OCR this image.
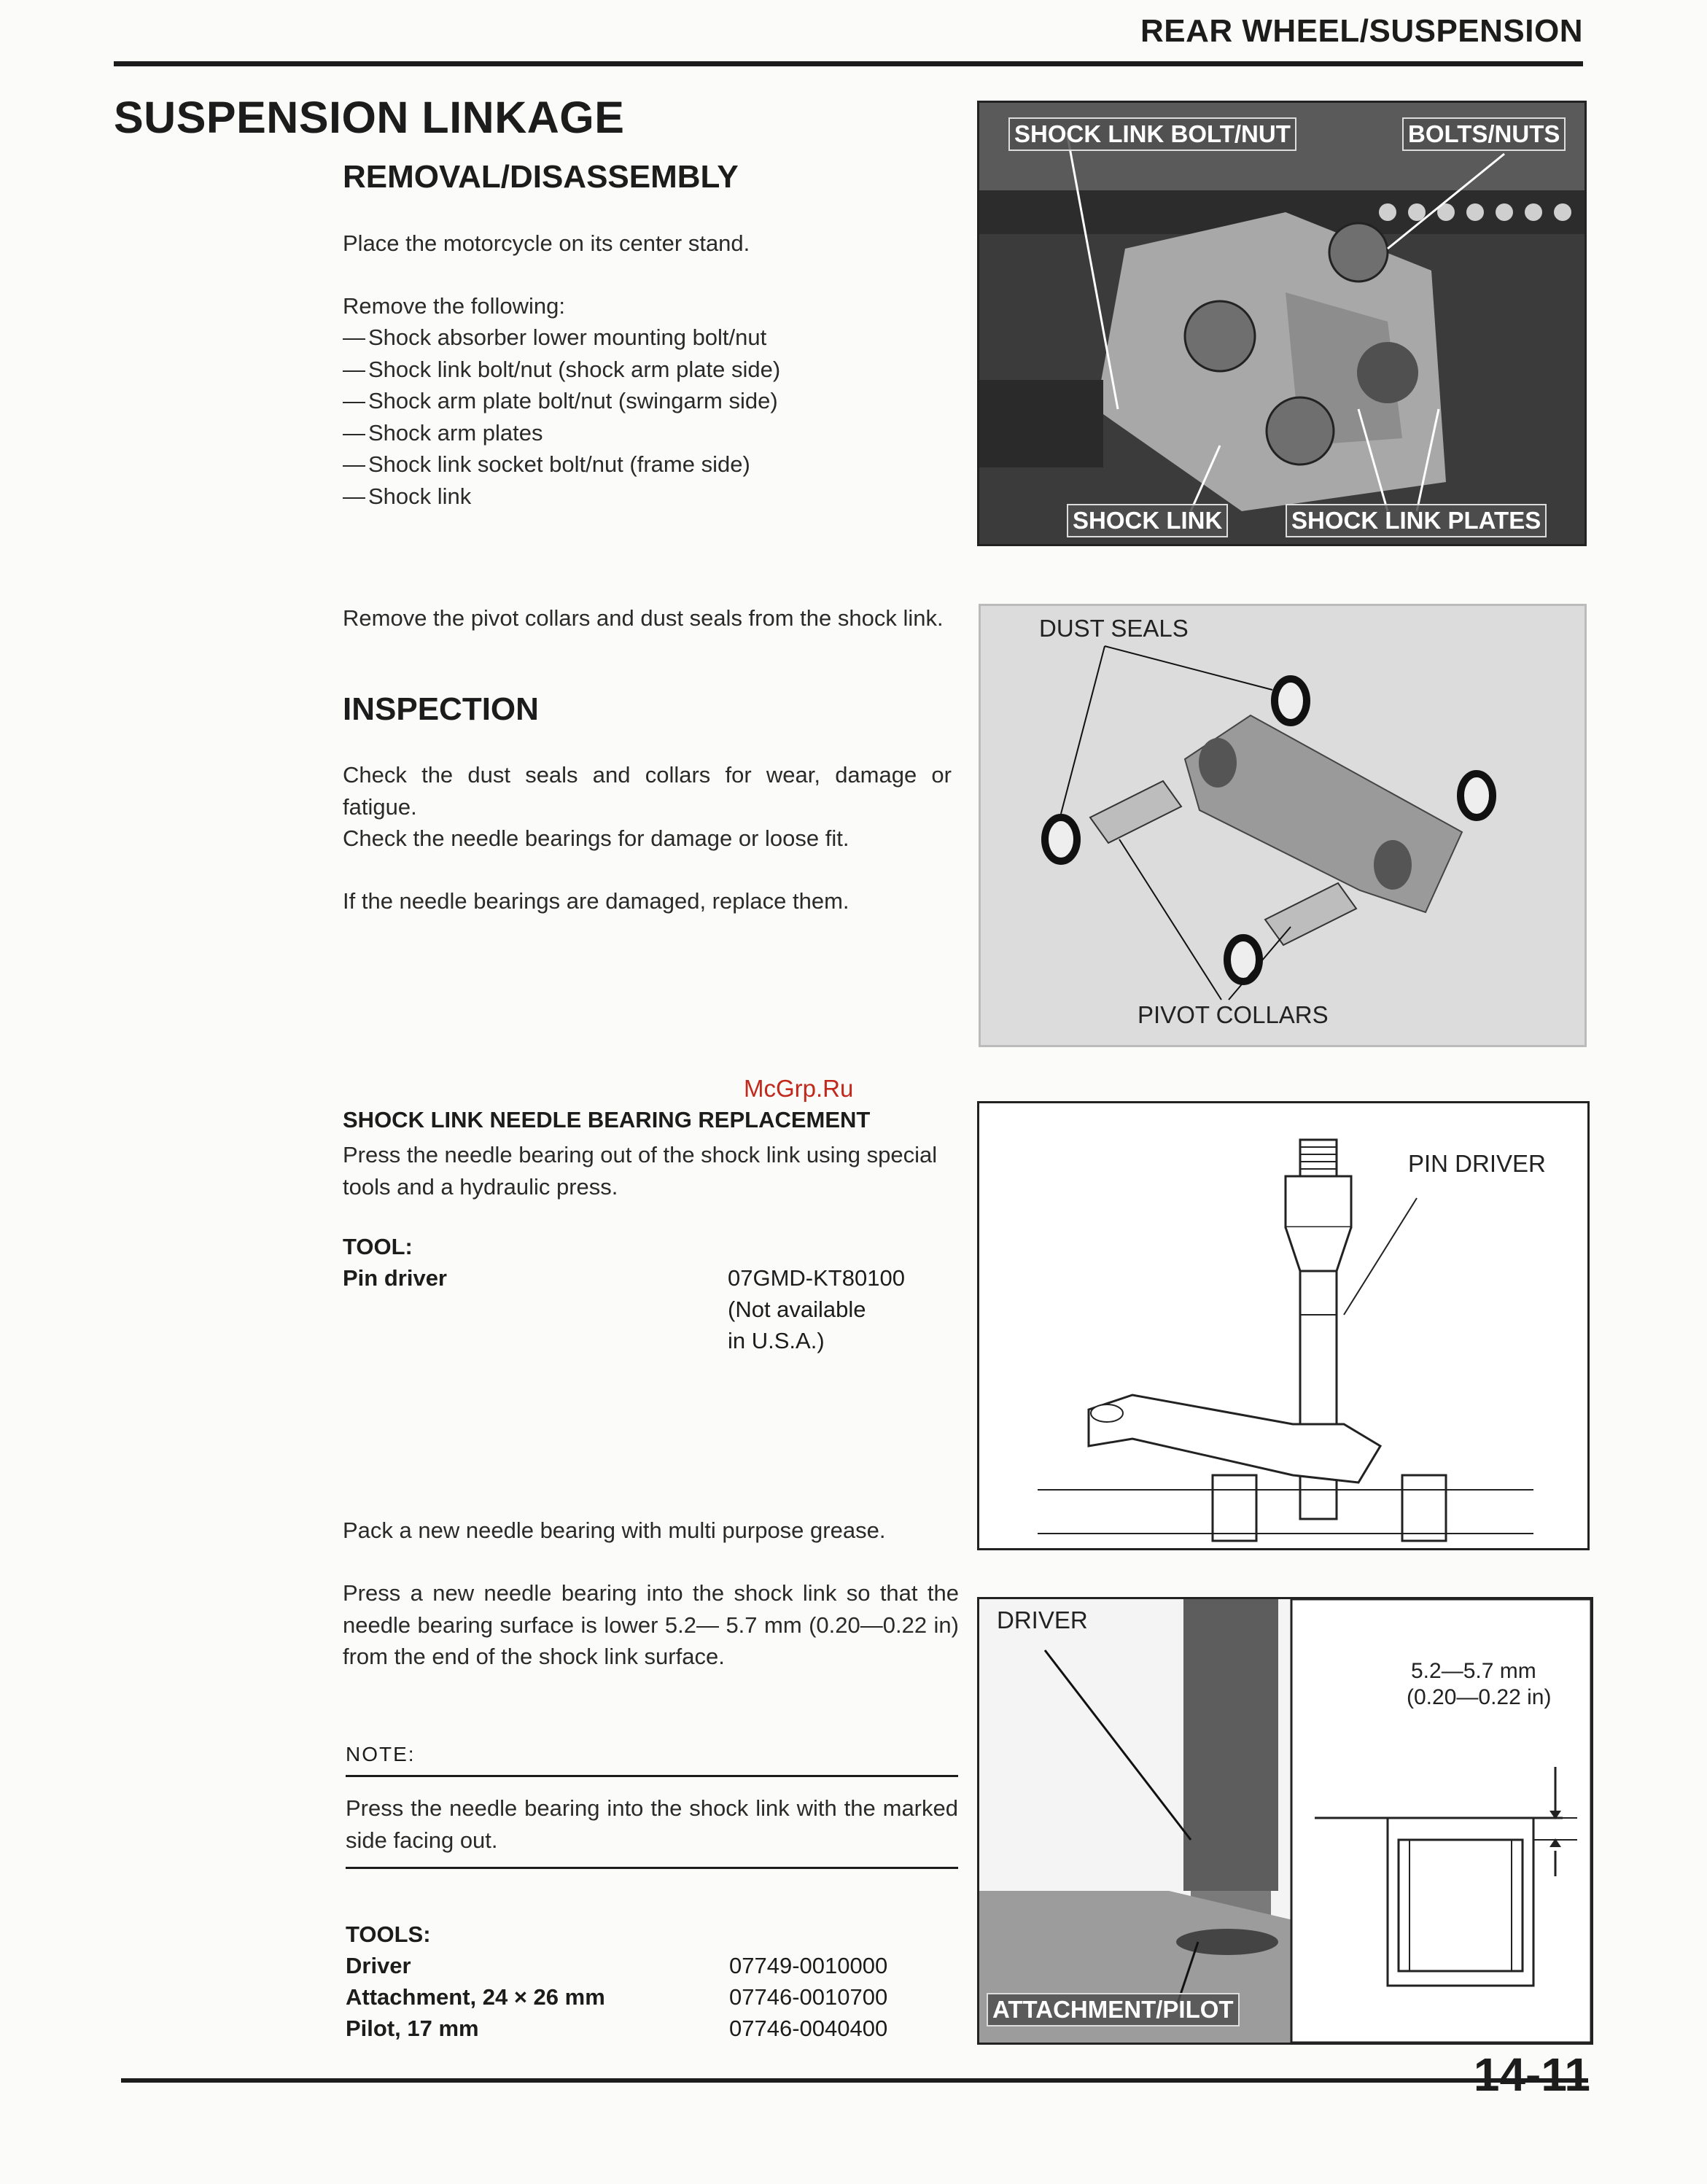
REAR WHEEL/SUSPENSION
SUSPENSION LINKAGE
REMOVAL/DISASSEMBLY
Place the motorcycle on its center stand.
Remove the following:
— Shock absorber lower mounting bolt/nut
— Shock link bolt/nut (shock arm plate side)
— Shock arm plate bolt/nut (swingarm side)
— Shock arm plates
— Shock link socket bolt/nut (frame side)
— Shock link
Remove the pivot collars and dust seals from the shock link.
INSPECTION
Check the dust seals and collars for wear, damage or fatigue.
Check the needle bearings for damage or loose fit.
If the needle bearings are damaged, replace them.
McGrp.Ru
SHOCK LINK NEEDLE BEARING REPLACEMENT
Press the needle bearing out of the shock link using special tools and a hydraulic press.
TOOL:
Pin driver	07GMD-KT80100
(Not available
in U.S.A.)
Pack a new needle bearing with multi purpose grease.
Press a new needle bearing into the shock link so that the needle bearing surface is lower 5.2— 5.7 mm (0.20—0.22 in) from the end of the shock link surface.
NOTE:
Press the needle bearing into the shock link with the marked side facing out.
TOOLS:
Driver	07749-0010000
Attachment, 24 × 26 mm	07746-0010700
Pilot, 17 mm	07746-0040400
SHOCK LINK BOLT/NUT	BOLTS/NUTS
SHOCK LINK	SHOCK LINK PLATES
DUST SEALS
PIVOT COLLARS
PIN DRIVER
DRIVER
ATTACHMENT/PILOT
5.2—5.7 mm
(0.20—0.22 in)
14-11
